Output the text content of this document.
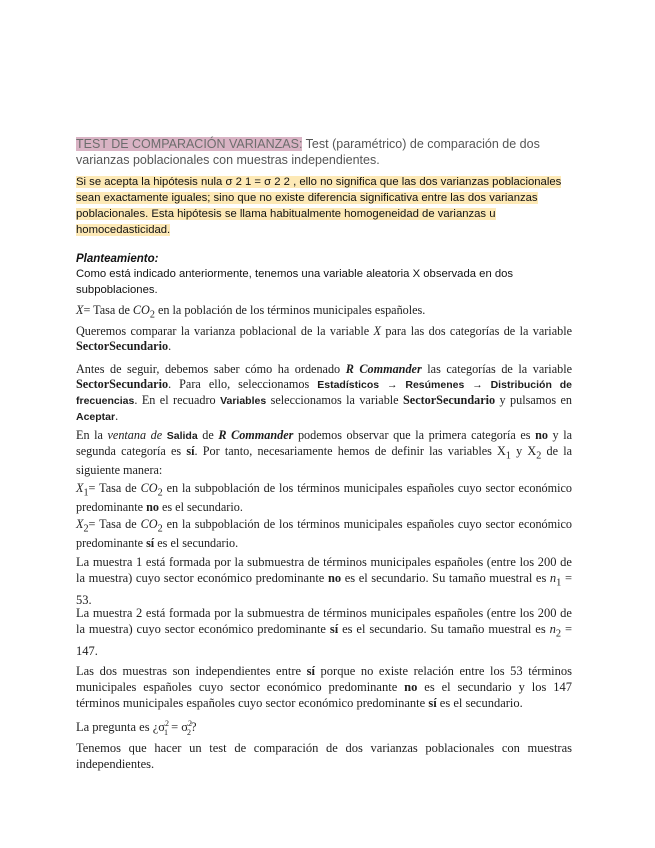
TEST DE COMPARACIÓN VARIANZAS: Test (paramétrico) de comparación de dos varianzas poblacionales con muestras independientes.
Si se acepta la hipótesis nula σ 2 1 = σ 2 2 , ello no significa que las dos varianzas poblacionales sean exactamente iguales; sino que no existe diferencia significativa entre las dos varianzas poblacionales. Esta hipótesis se llama habitualmente homogeneidad de varianzas u homocedasticidad.
Planteamiento:
Como está indicado anteriormente, tenemos una variable aleatoria X observada en dos subpoblaciones.
X= Tasa de $CO_2$ en la población de los términos municipales españoles.
Queremos comparar la varianza poblacional de la variable X para las dos categorías de la variable SectorSecundario.
Antes de seguir, debemos saber cómo ha ordenado R Commander las categorías de la variable SectorSecundario. Para ello, seleccionamos Estadísticos → Resúmenes → Distribución de frecuencias. En el recuadro Variables seleccionamos la variable SectorSecundario y pulsamos en Aceptar.
En la ventana de Salida de R Commander podemos observar que la primera categoría es no y la segunda categoría es sí. Por tanto, necesariamente hemos de definir las variables $X_1$ y $X_2$ de la siguiente manera:
$X_1=$ Tasa de $CO_2$ en la subpoblación de los términos municipales españoles cuyo sector económico predominante no es el secundario.
$X_2=$ Tasa de $CO_2$ en la subpoblación de los términos municipales españoles cuyo sector económico predominante sí es el secundario.
La muestra 1 está formada por la submuestra de términos municipales españoles (entre los 200 de la muestra) cuyo sector económico predominante no es el secundario. Su tamaño muestral es $n_1 = 53$.
La muestra 2 está formada por la submuestra de términos municipales españoles (entre los 200 de la muestra) cuyo sector económico predominante sí es el secundario. Su tamaño muestral es $n_2 = 147$.
Las dos muestras son independientes entre sí porque no existe relación entre los 53 términos municipales españoles cuyo sector económico predominante no es el secundario y los 147 términos municipales españoles cuyo sector económico predominante sí es el secundario.
La pregunta es ¿$\sigma^2_1 = \sigma^2_2$?
Tenemos que hacer un test de comparación de dos varianzas poblacionales con muestras independientes.
